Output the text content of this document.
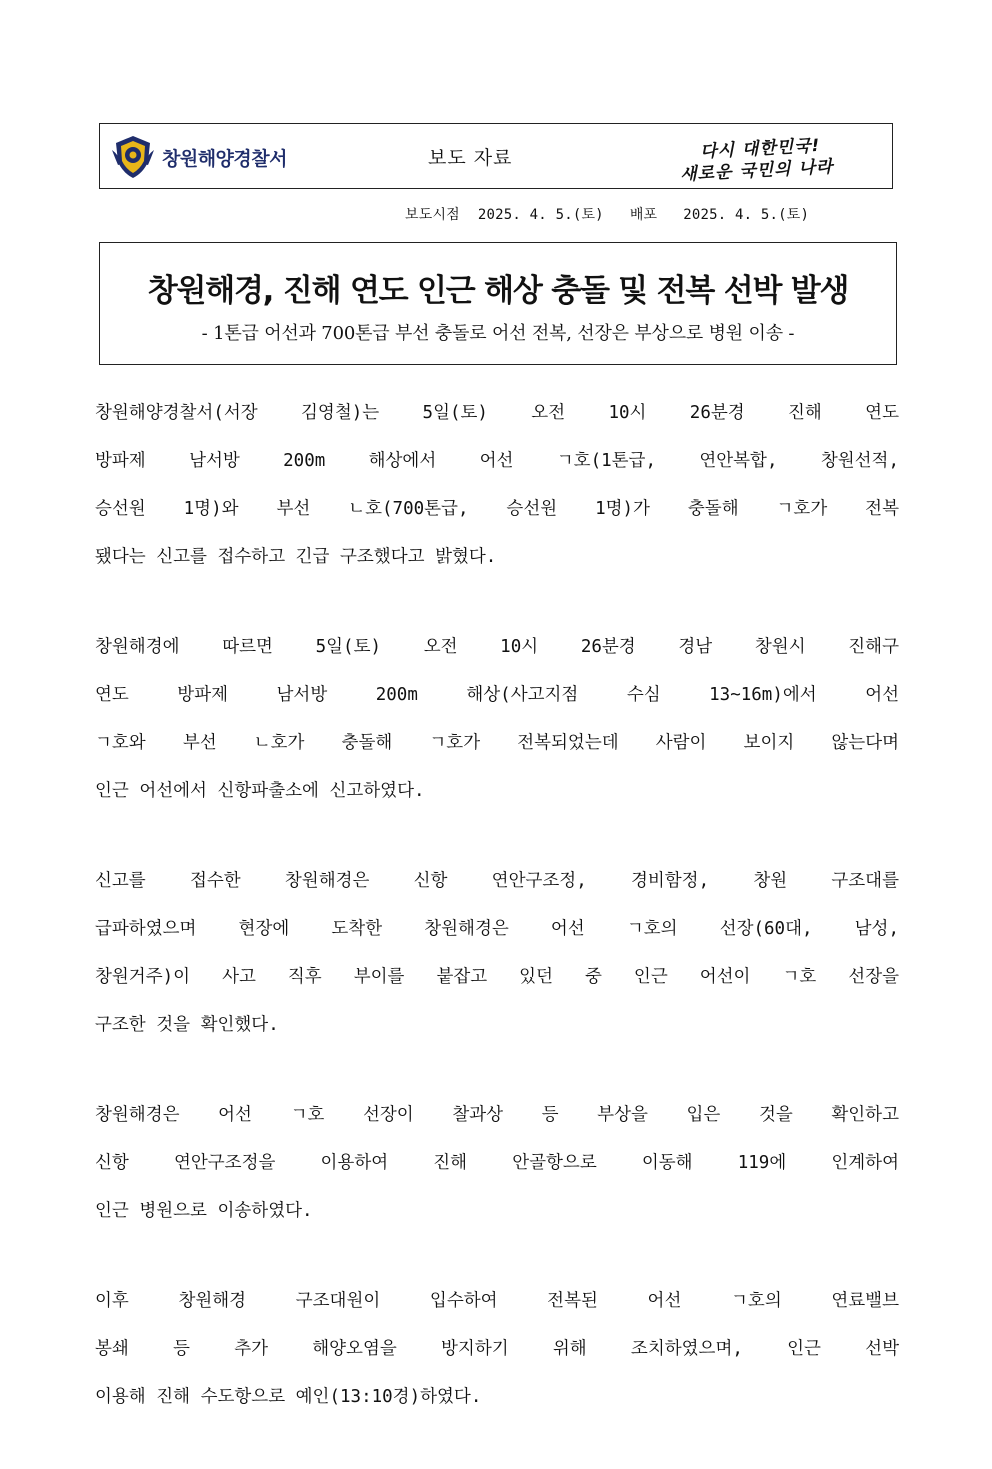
창원해양경찰서	보도 자료	다시 대한민국!
새로운 국민의 나라
보도시점 2025. 4. 5.(토) 배포 2025. 4. 5.(토)
창원해경, 진해 연도 인근 해상 충돌 및 전복 선박 발생
- 1톤급 어선과 700톤급 부선 충돌로 어선 전복, 선장은 부상으로 병원 이송 -
창원해양경찰서(서장 김영철)는 5일(토) 오전 10시 26분경 진해 연도
방파제 남서방 200m 해상에서 어선 ㄱ호(1톤급, 연안복합, 창원선적,
승선원 1명)와 부선 ㄴ호(700톤급, 승선원 1명)가 충돌해 ㄱ호가 전복
됐다는 신고를 접수하고 긴급 구조했다고 밝혔다.
창원해경에 따르면 5일(토) 오전 10시 26분경 경남 창원시 진해구
연도 방파제 남서방 200m 해상(사고지점 수심 13~16m)에서 어선
ㄱ호와 부선 ㄴ호가 충돌해 ㄱ호가 전복되었는데 사람이 보이지 않는다며
인근 어선에서 신항파출소에 신고하였다.
신고를 접수한 창원해경은 신항 연안구조정, 경비함정, 창원 구조대를
급파하였으며 현장에 도착한 창원해경은 어선 ㄱ호의 선장(60대, 남성,
창원거주)이 사고 직후 부이를 붙잡고 있던 중 인근 어선이 ㄱ호 선장을
구조한 것을 확인했다.
창원해경은 어선 ㄱ호 선장이 찰과상 등 부상을 입은 것을 확인하고
신항 연안구조정을 이용하여 진해 안골항으로 이동해 119에 인계하여
인근 병원으로 이송하였다.
이후 창원해경 구조대원이 입수하여 전복된 어선 ㄱ호의 연료밸브
봉쇄 등 추가 해양오염을 방지하기 위해 조치하였으며, 인근 선박
이용해 진해 수도항으로 예인(13:10경)하였다.
